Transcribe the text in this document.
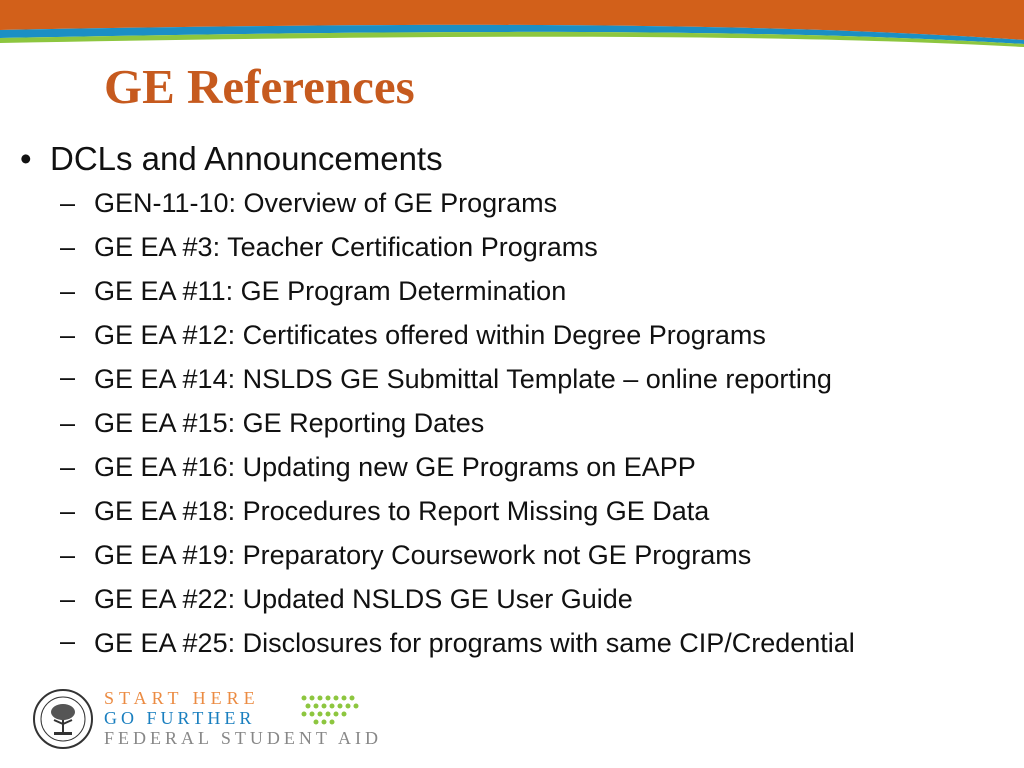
GE References
• DCLs and Announcements
– GEN-11-10: Overview of GE Programs
– GE EA #3: Teacher Certification Programs
– GE EA #11: GE Program Determination
– GE EA #12: Certificates offered within Degree Programs
– GE EA #14: NSLDS GE Submittal Template – online reporting
– GE EA #15: GE Reporting Dates
– GE EA #16: Updating new GE Programs on EAPP
– GE EA #18: Procedures to Report Missing GE Data
– GE EA #19: Preparatory Coursework not GE Programs
– GE EA #22: Updated NSLDS GE User Guide
– GE EA #25: Disclosures for programs with same CIP/Credential
START HERE
GO FURTHER
FEDERAL STUDENT AID
